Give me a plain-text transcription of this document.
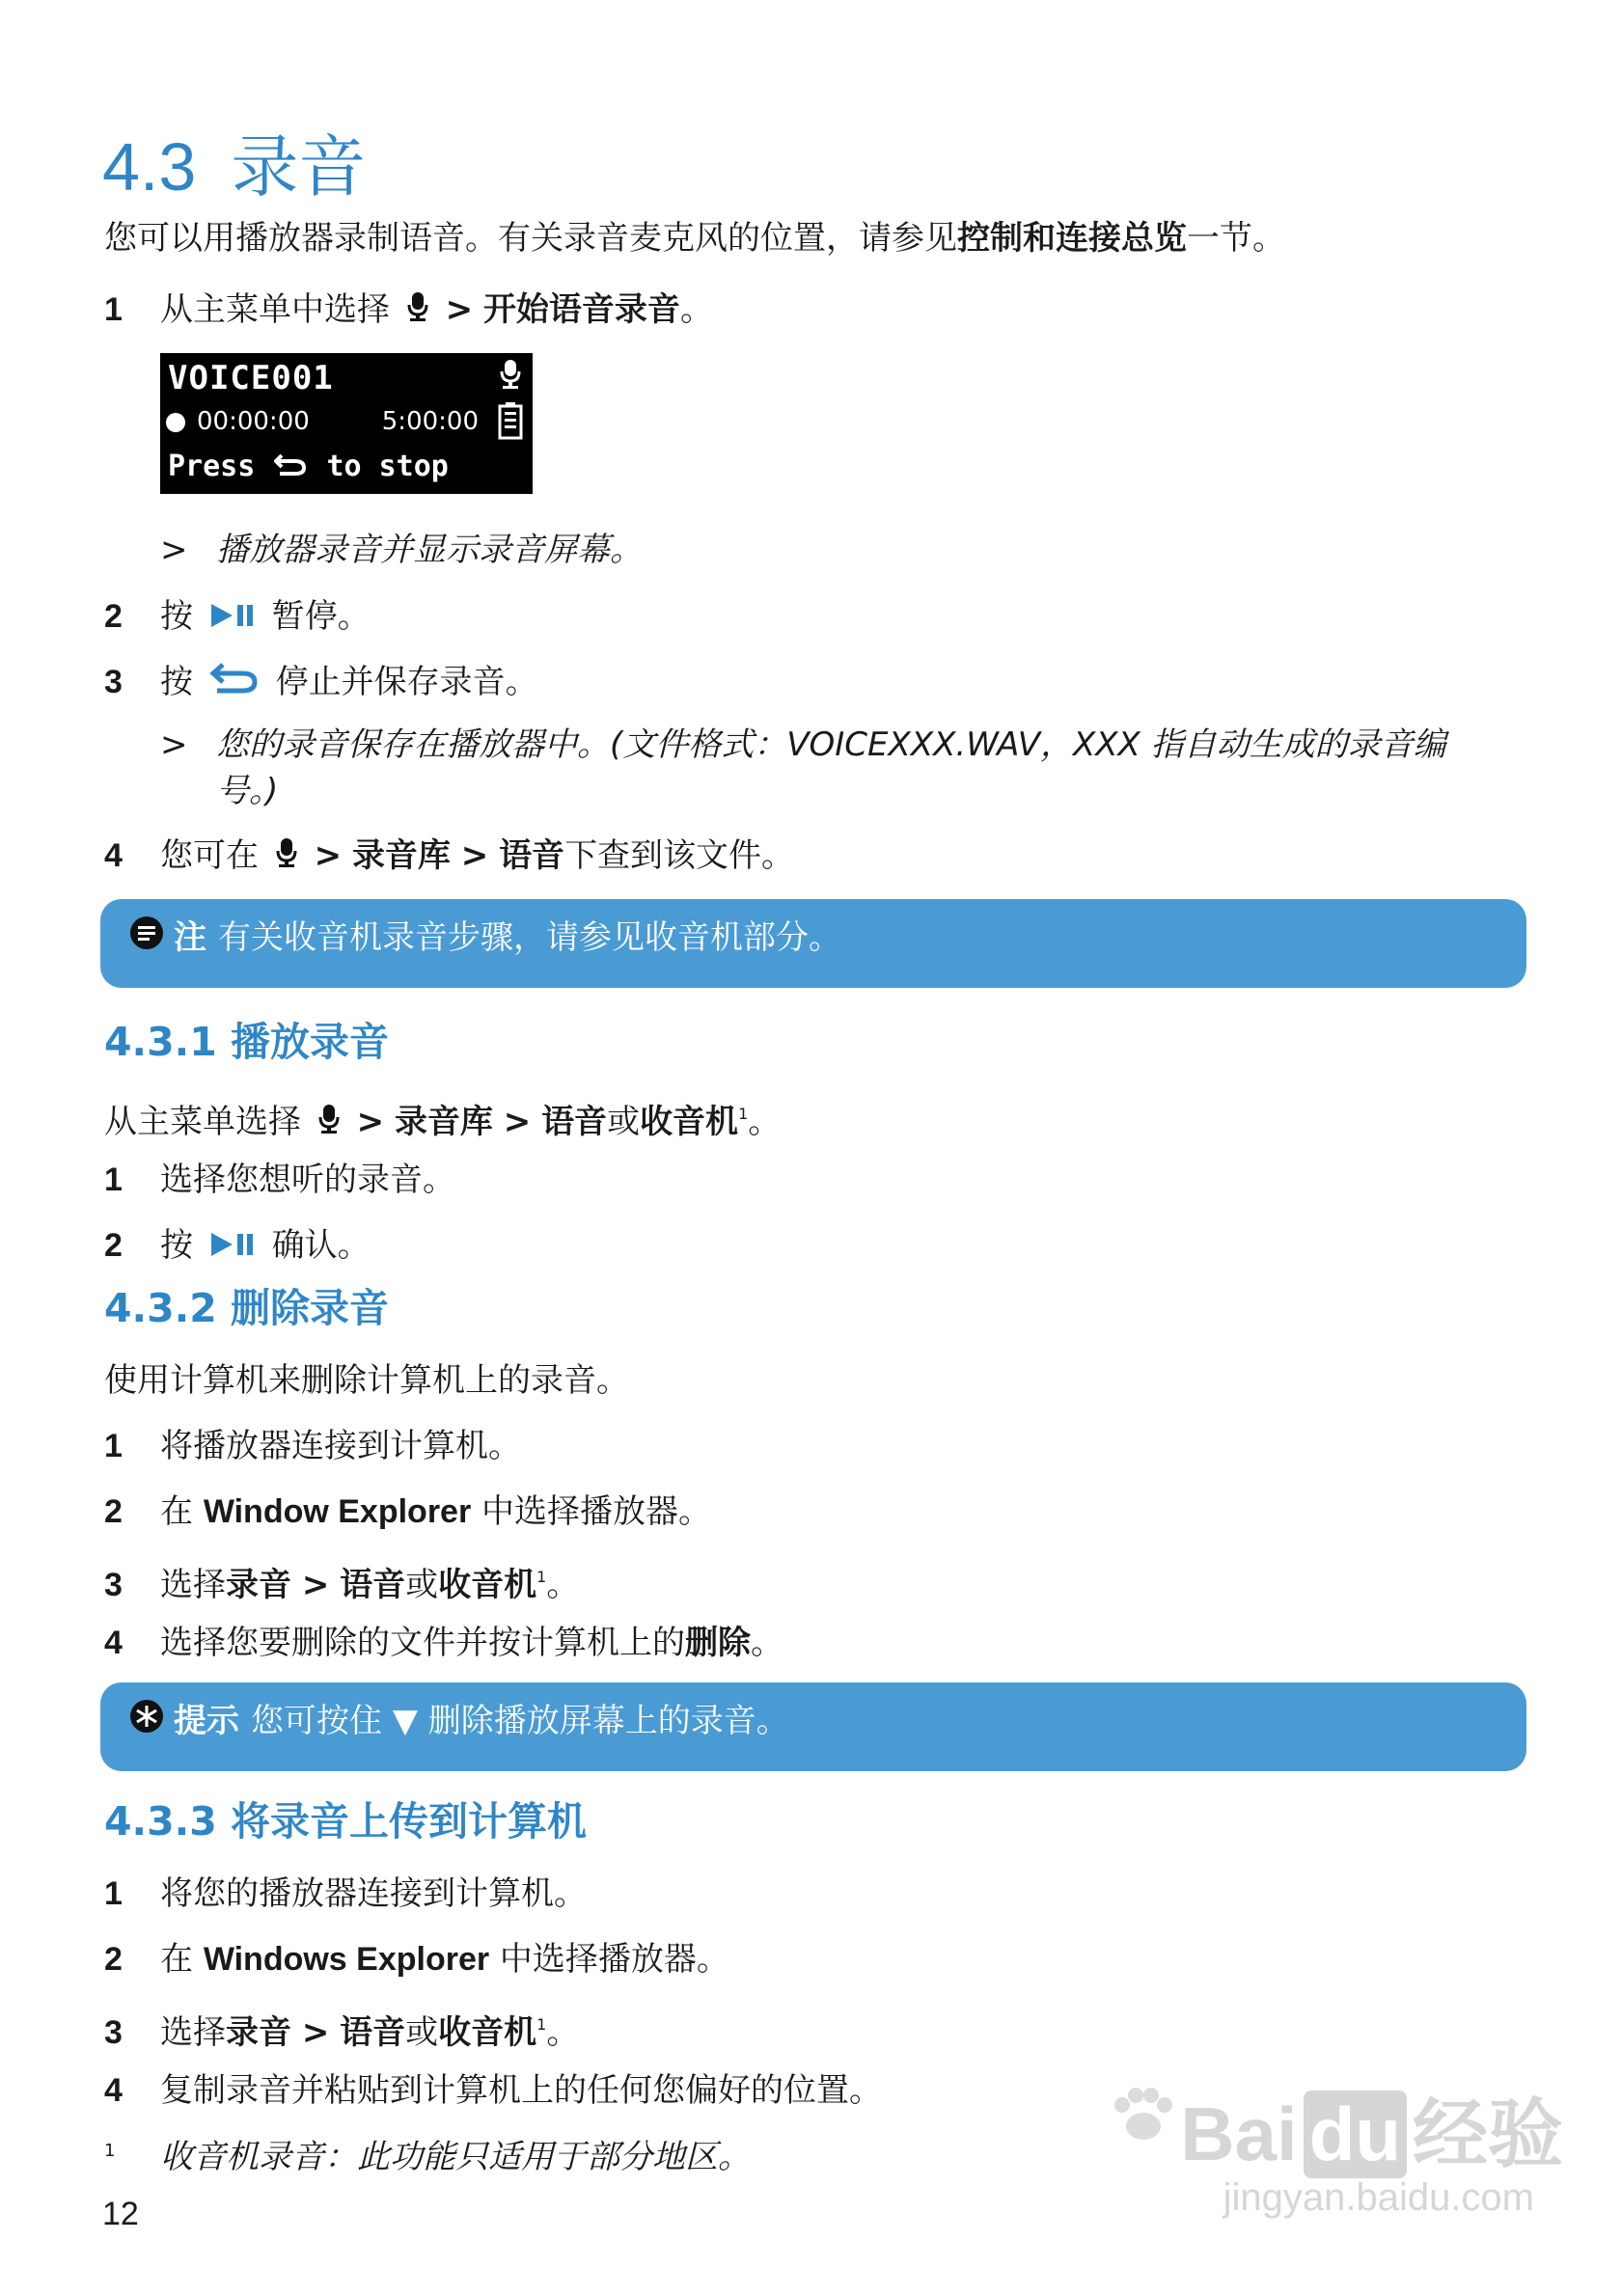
4.3 录音
您可以用播放器录制语音。有关录音麦克风的位置，请参见控制和连接总览一节。
1 从主菜单中选择 > 开始语音录音。
VOICE001
00:00:00	5:00:00
Press to stop
> 播放器录音并显示录音屏幕。
2 按 暂停。
3 按	停止并保存录音。
> 您的录音保存在播放器中。(文件格式：VOICEXXX.WAV，XXX 指自动生成的录音编
号。)
4 您可在 > 录音库 > 语音下查到该文件。
注 有关收音机录音步骤，请参见收音机部分。
4.3.1 播放录音
从主菜单选择 > 录音库 > 语音或收音机$^1$。
1 选择您想听的录音。
2 按 确认。
4.3.2 删除录音
使用计算机来删除计算机上的录音。
1 将播放器连接到计算机。
2 在 Window Explorer 中选择播放器。
3 选择录音 > 语音或收音机$^1$。
4 选择您要删除的文件并按计算机上的删除。
提示 您可按住 ▼ 删除播放屏幕上的录音。
4.3.3 将录音上传到计算机
1 将您的播放器连接到计算机。
2 在 Windows Explorer 中选择播放器。
3 选择录音 > 语音或收音机$^1$。
4 复制录音并粘贴到计算机上的任何您偏好的位置。
1 收音机录音：此功能只适用于部分地区。
12
Bai du 经验
jingyan.baidu.com
